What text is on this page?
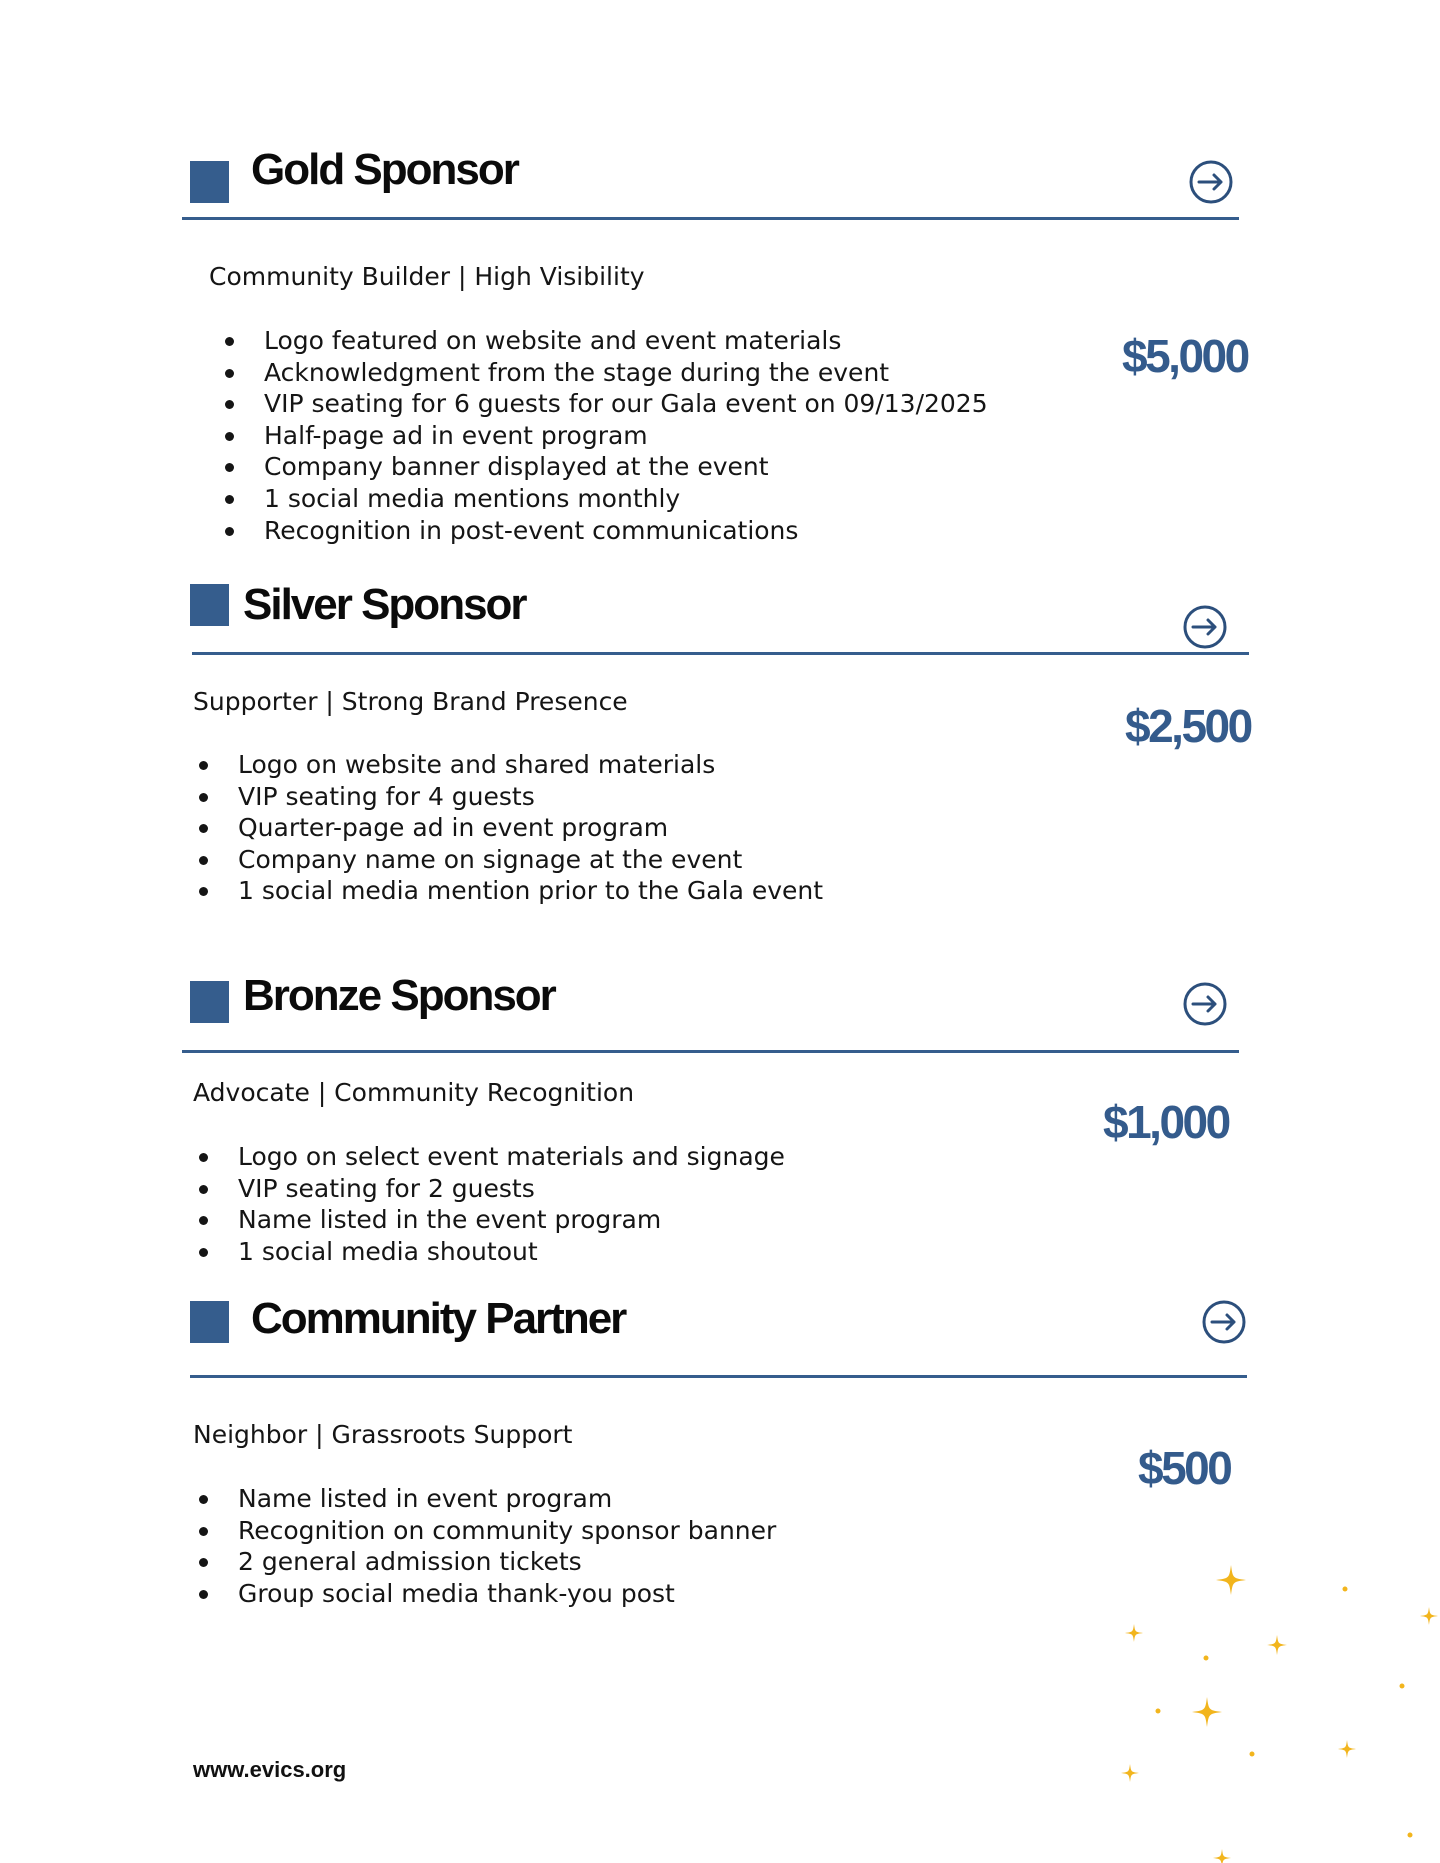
Gold Sponsor
Community Builder | High Visibility
$5,000
Logo featured on website and event materials
Acknowledgment from the stage during the event
VIP seating for 6 guests for our Gala event on 09/13/2025
Half-page ad in event program
Company banner displayed at the event
1 social media mentions monthly
Recognition in post-event communications
Silver Sponsor
Supporter | Strong Brand Presence	$2,500
Logo on website and shared materials
VIP seating for 4 guests
Quarter-page ad in event program
Company name on signage at the event
1 social media mention prior to the Gala event
Bronze Sponsor
Advocate | Community Recognition
$1,000
Logo on select event materials and signage
VIP seating for 2 guests
Name listed in the event program
1 social media shoutout
Community Partner
Neighbor | Grassroots Support
$500
Name listed in event program
Recognition on community sponsor banner
2 general admission tickets
Group social media thank-you post
www.evics.org
